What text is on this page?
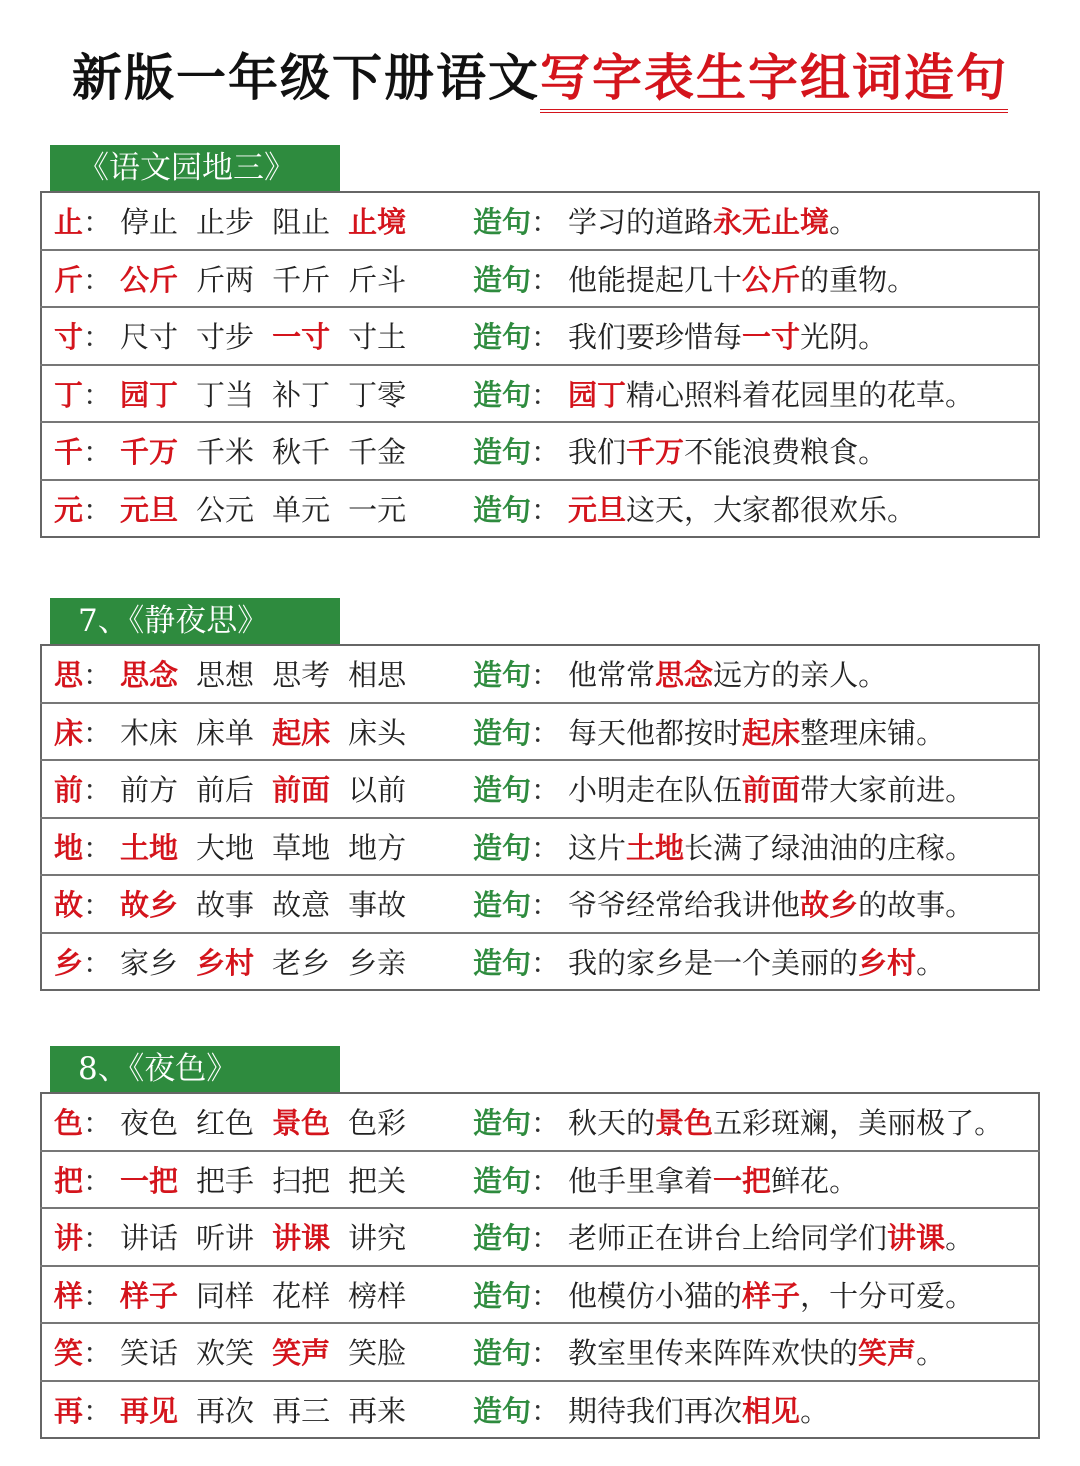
新版一年级下册语文写字表生字组词造句
《语文园地三》
止： 停止 止步 阻止 止境	造句： 学习的道路永无止境。
斤： 公斤 斤两 千斤 斤斗	造句： 他能提起几十公斤的重物。
寸： 尺寸 寸步 一寸 寸土	造句： 我们要珍惜每一寸光阴。
丁： 园丁 丁当 补丁 丁零	造句： 园丁精心照料着花园里的花草。
千： 千万 千米 秋千 千金	造句： 我们千万不能浪费粮食。
元： 元旦 公元 单元 一元	造句： 元旦这天，大家都很欢乐。
7、《静夜思》
思： 思念 思想 思考 相思	造句： 他常常思念远方的亲人。
床： 木床 床单 起床 床头	造句： 每天他都按时起床整理床铺。
前： 前方 前后 前面 以前	造句： 小明走在队伍前面带大家前进。
地： 土地 大地 草地 地方	造句： 这片土地长满了绿油油的庄稼。
故： 故乡 故事 故意 事故	造句： 爷爷经常给我讲他故乡的故事。
乡： 家乡 乡村 老乡 乡亲	造句： 我的家乡是一个美丽的乡村。
8、《夜色》
色： 夜色 红色 景色 色彩	造句： 秋天的景色五彩斑斓，美丽极了。
把： 一把 把手 扫把 把关	造句： 他手里拿着一把鲜花。
讲： 讲话 听讲 讲课 讲究	造句： 老师正在讲台上给同学们讲课。
样： 样子 同样 花样 榜样	造句： 他模仿小猫的样子，十分可爱。
笑： 笑话 欢笑 笑声 笑脸	造句： 教室里传来阵阵欢快的笑声。
再： 再见 再次 再三 再来	造句： 期待我们再次相见。
